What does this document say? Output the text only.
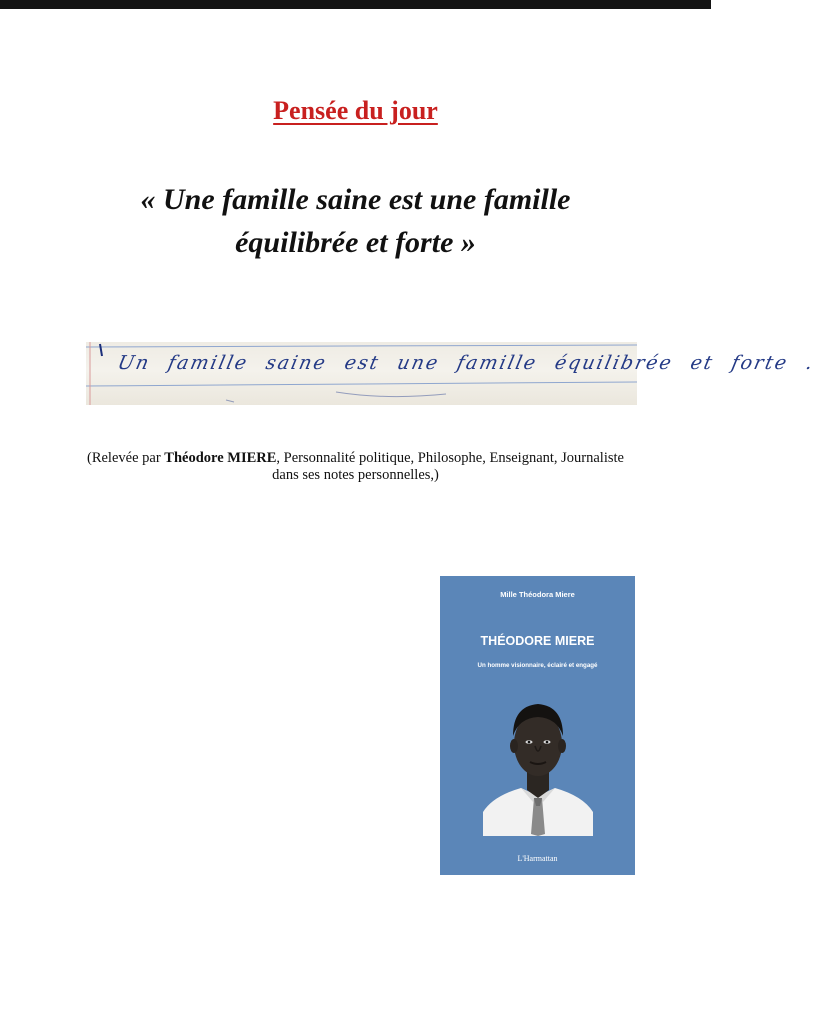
Pensée du jour
« Une famille saine est une famille
équilibrée et forte »
Un famille saine est une famille équilibrée et forte .
(Relevée par Théodore MIERE, Personnalité politique, Philosophe, Enseignant, Journaliste
dans ses notes personnelles,)
Mille Théodora Miere
THÉODORE MIERE
Un homme visionnaire, éclairé et engagé
L'Harmattan
